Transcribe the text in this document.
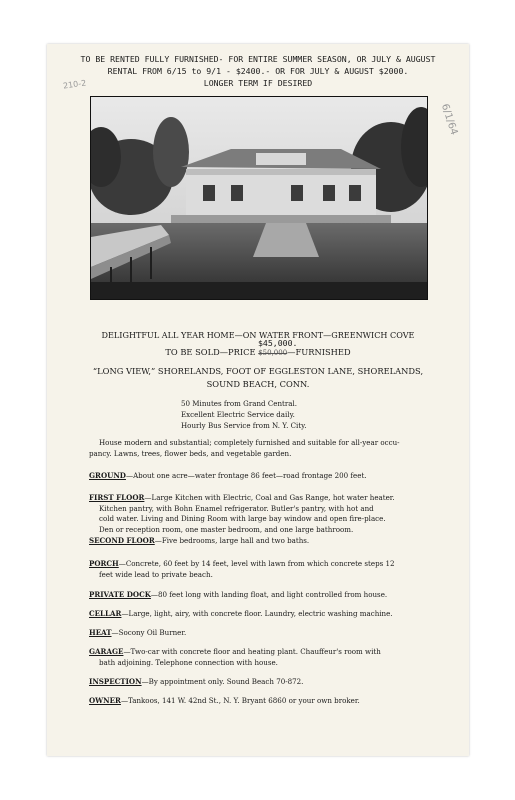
TO BE RENTED FULLY FURNISHED- FOR ENTIRE SUMMER SEASON, OR JULY & AUGUST
RENTAL FROM 6/15 to 9/1 - $2400.- OR FOR JULY & AUGUST $2000.
LONGER TERM IF DESIRED
210-2
6/1/64
DELIGHTFUL ALL YEAR HOME—ON WATER FRONT—GREENWICH COVE
TO BE SOLD—PRICE $50,000—FURNISHED
$45,000.
“LONG VIEW,” SHORELANDS, FOOT OF EGGLESTON LANE, SHORELANDS,
SOUND BEACH, CONN.
50 Minutes from Grand Central.
Excellent Electric Service daily.
Hourly Bus Service from N. Y. City.
House modern and substantial; completely furnished and suitable for all-year occu-
pancy. Lawns, trees, flower beds, and vegetable garden.
GROUND—About one acre—water frontage 86 feet—road frontage 200 feet.
FIRST FLOOR—Large Kitchen with Electric, Coal and Gas Range, hot water heater.
Kitchen pantry, with Bohn Enamel refrigerator. Butler's pantry, with hot and
cold water. Living and Dining Room with large bay window and open fire-place.
Den or reception room, one master bedroom, and one large bathroom.
SECOND FLOOR—Five bedrooms, large hall and two baths.
PORCH—Concrete, 60 feet by 14 feet, level with lawn from which concrete steps 12
feet wide lead to private beach.
PRIVATE DOCK—80 feet long with landing float, and light controlled from house.
CELLAR—Large, light, airy, with concrete floor. Laundry, electric washing machine.
HEAT—Socony Oil Burner.
GARAGE—Two-car with concrete floor and heating plant. Chauffeur's room with
bath adjoining. Telephone connection with house.
INSPECTION—By appointment only. Sound Beach 70-872.
OWNER—Tankoos, 141 W. 42nd St., N. Y. Bryant 6860 or your own broker.
